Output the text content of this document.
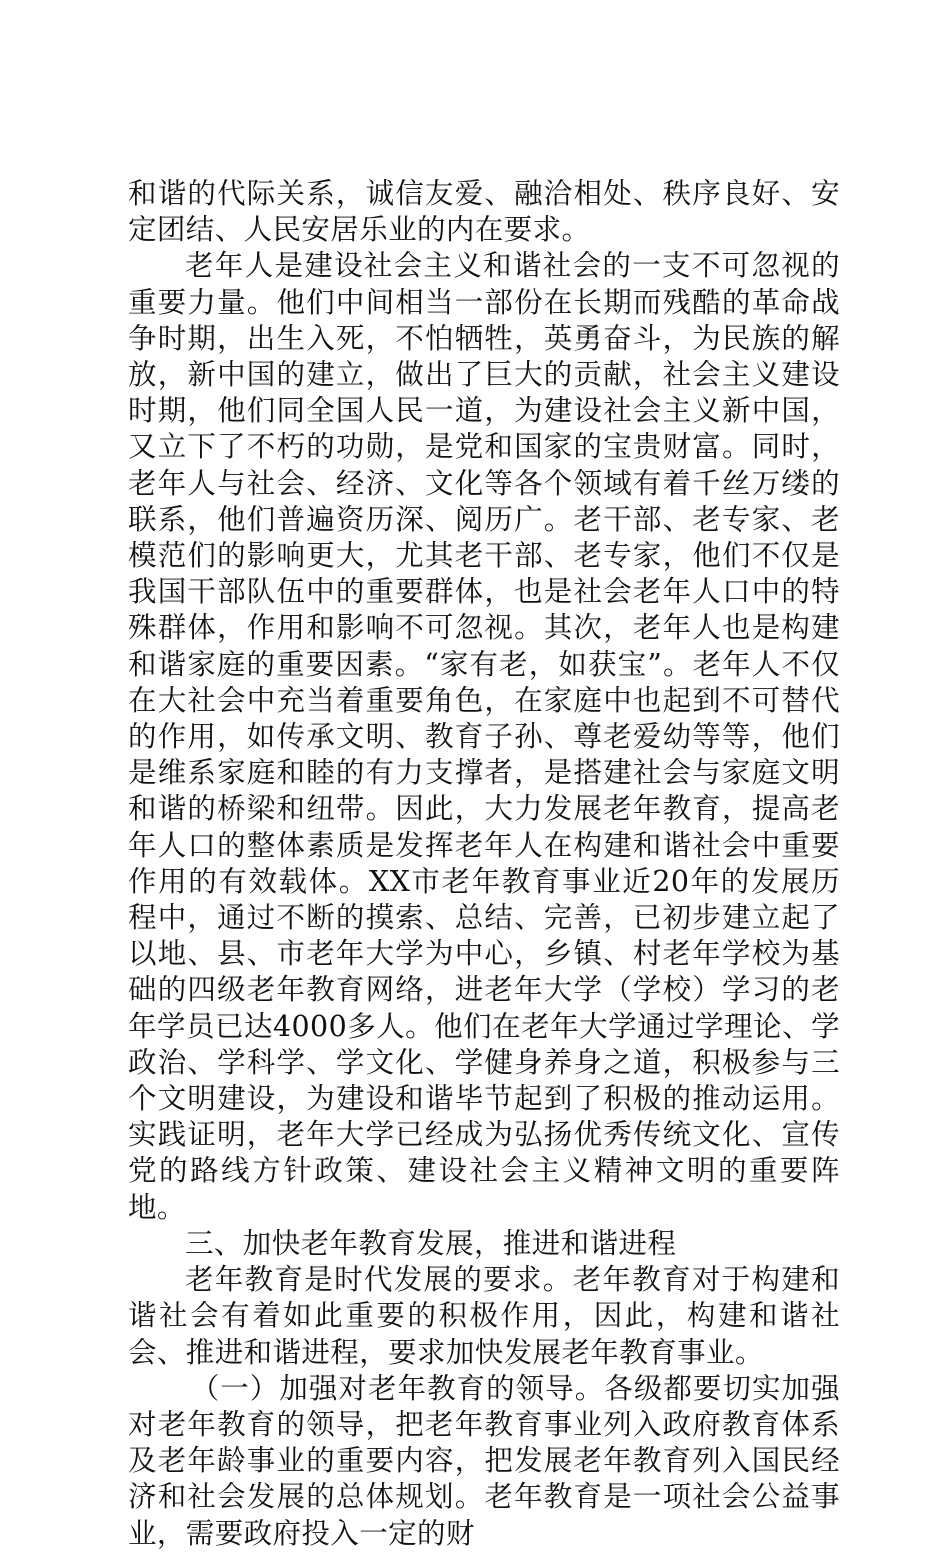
和谐的代际关系，诚信友爱、融洽相处、秩序良好、安定团结、人民安居乐业的内在要求。

老年人是建设社会主义和谐社会的一支不可忽视的重要力量。他们中间相当一部份在长期而残酷的革命战争时期，出生入死，不怕牺牲，英勇奋斗，为民族的解放，新中国的建立，做出了巨大的贡献，社会主义建设时期，他们同全国人民一道，为建设社会主义新中国，又立下了不朽的功勋，是党和国家的宝贵财富。同时，老年人与社会、经济、文化等各个领域有着千丝万缕的联系，他们普遍资历深、阅历广。老干部、老专家、老模范们的影响更大，尤其老干部、老专家，他们不仅是我国干部队伍中的重要群体，也是社会老年人口中的特殊群体，作用和影响不可忽视。其次，老年人也是构建和谐家庭的重要因素。“家有老，如获宝”。老年人不仅在大社会中充当着重要角色，在家庭中也起到不可替代的作用，如传承文明、教育子孙、尊老爱幼等等，他们是维系家庭和睦的有力支撑者，是搭建社会与家庭文明和谐的桥梁和纽带。因此，大力发展老年教育，提高老年人口的整体素质是发挥老年人在构建和谐社会中重要作用的有效载体。XX市老年教育事业近20年的发展历程中，通过不断的摸索、总结、完善，已初步建立起了以地、县、市老年大学为中心，乡镇、村老年学校为基础的四级老年教育网络，进老年大学（学校）学习的老年学员已达4000多人。他们在老年大学通过学理论、学政治、学科学、学文化、学健身养身之道，积极参与三个文明建设，为建设和谐毕节起到了积极的推动运用。实践证明，老年大学已经成为弘扬优秀传统文化、宣传党的路线方针政策、建设社会主义精神文明的重要阵地。

三、加快老年教育发展，推进和谐进程

老年教育是时代发展的要求。老年教育对于构建和谐社会有着如此重要的积极作用，因此，构建和谐社会、推进和谐进程，要求加快发展老年教育事业。

（一）加强对老年教育的领导。各级都要切实加强对老年教育的领导，把老年教育事业列入政府教育体系及老年龄事业的重要内容，把发展老年教育列入国民经济和社会发展的总体规划。老年教育是一项社会公益事业，需要政府投入一定的财
